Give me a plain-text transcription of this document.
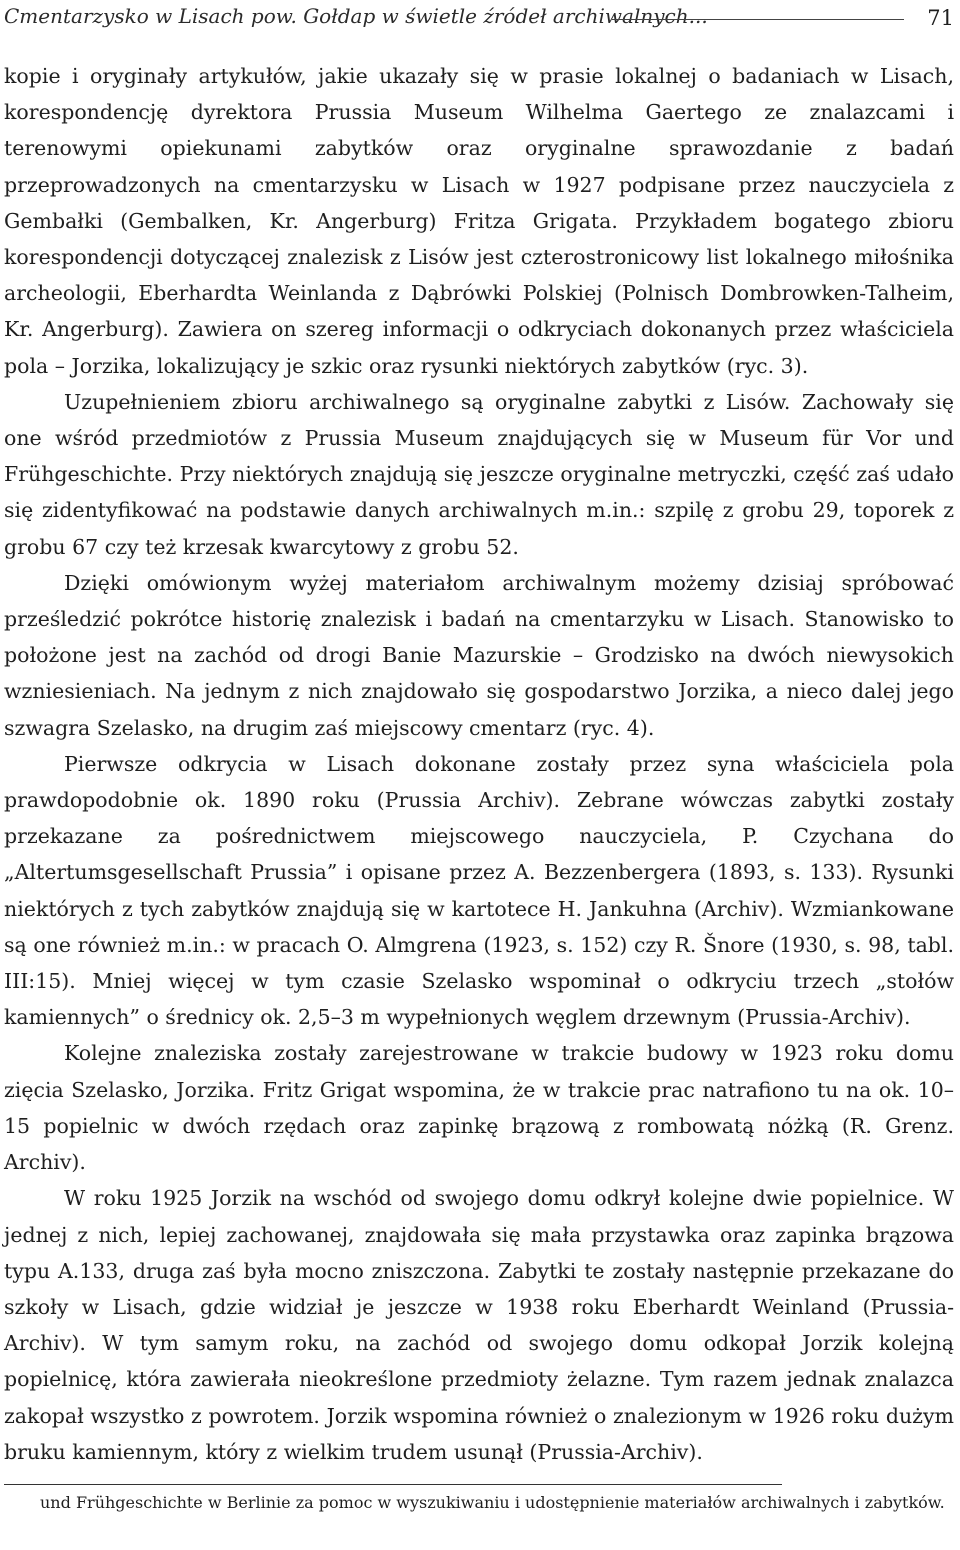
Cmentarzysko w Lisach pow. Gołdap w świetle źródeł archiwalnych...	71

kopie i oryginały artykułów, jakie ukazały się w prasie lokalnej o badaniach w Lisach, korespondencję dyrektora Prussia Museum Wilhelma Gaertego ze znalazcami i terenowymi opiekunami zabytków oraz oryginalne sprawozdanie z badań przeprowadzonych na cmentarzysku w Lisach w 1927 podpisane przez nauczyciela z Gembałki (Gembalken, Kr. Angerburg) Fritza Grigata. Przykładem bogatego zbioru korespondencji dotyczącej znalezisk z Lisów jest czterostronicowy list lokalnego miłośnika archeologii, Eberhardta Weinlanda z Dąbrówki Polskiej (Polnisch Dombrowken-Talheim, Kr. Angerburg). Zawiera on szereg informacji o odkryciach dokonanych przez właściciela pola – Jorzika, lokalizujący je szkic oraz rysunki niektórych zabytków (ryc. 3).

Uzupełnieniem zbioru archiwalnego są oryginalne zabytki z Lisów. Zachowały się one wśród przedmiotów z Prussia Museum znajdujących się w Museum für Vor und Frühgeschichte. Przy niektórych znajdują się jeszcze oryginalne metryczki, część zaś udało się zidentyfikować na podstawie danych archiwalnych m.in.: szpilę z grobu 29, toporek z grobu 67 czy też krzesak kwarcytowy z grobu 52.

Dzięki omówionym wyżej materiałom archiwalnym możemy dzisiaj spróbować prześledzić pokrótce historię znalezisk i badań na cmentarzyku w Lisach. Stanowisko to położone jest na zachód od drogi Banie Mazurskie – Grodzisko na dwóch niewysokich wzniesieniach. Na jednym z nich znajdowało się gospodarstwo Jorzika, a nieco dalej jego szwagra Szelasko, na drugim zaś miejscowy cmentarz (ryc. 4).

Pierwsze odkrycia w Lisach dokonane zostały przez syna właściciela pola prawdopodobnie ok. 1890 roku (Prussia Archiv). Zebrane wówczas zabytki zostały przekazane za pośrednictwem miejscowego nauczyciela, P. Czychana do „Altertumsgesellschaft Prussia” i opisane przez A. Bezzenbergera (1893, s. 133). Rysunki niektórych z tych zabytków znajdują się w kartotece H. Jankuhna (Archiv). Wzmiankowane są one również m.in.: w pracach O. Almgrena (1923, s. 152) czy R. Šnore (1930, s. 98, tabl. III:15). Mniej więcej w tym czasie Szelasko wspominał o odkryciu trzech „stołów kamiennych” o średnicy ok. 2,5–3 m wypełnionych węglem drzewnym (Prussia-Archiv).

Kolejne znaleziska zostały zarejestrowane w trakcie budowy w 1923 roku domu zięcia Szelasko, Jorzika. Fritz Grigat wspomina, że w trakcie prac natrafiono tu na ok. 10–15 popielnic w dwóch rzędach oraz zapinkę brązową z rombowatą nóżką (R. Grenz. Archiv).

W roku 1925 Jorzik na wschód od swojego domu odkrył kolejne dwie popielnice. W jednej z nich, lepiej zachowanej, znajdowała się mała przystawka oraz zapinka brązowa typu A.133, druga zaś była mocno zniszczona. Zabytki te zostały następnie przekazane do szkoły w Lisach, gdzie widział je jeszcze w 1938 roku Eberhardt Weinland (Prussia-Archiv). W tym samym roku, na zachód od swojego domu odkopał Jorzik kolejną popielnicę, która zawierała nieokreślone przedmioty żelazne. Tym razem jednak znalazca zakopał wszystko z powrotem. Jorzik wspomina również o znalezionym w 1926 roku dużym bruku kamiennym, który z wielkim trudem usunął (Prussia-Archiv).

und Frühgeschichte w Berlinie za pomoc w wyszukiwaniu i udostępnienie materiałów archiwalnych i zabytków.
